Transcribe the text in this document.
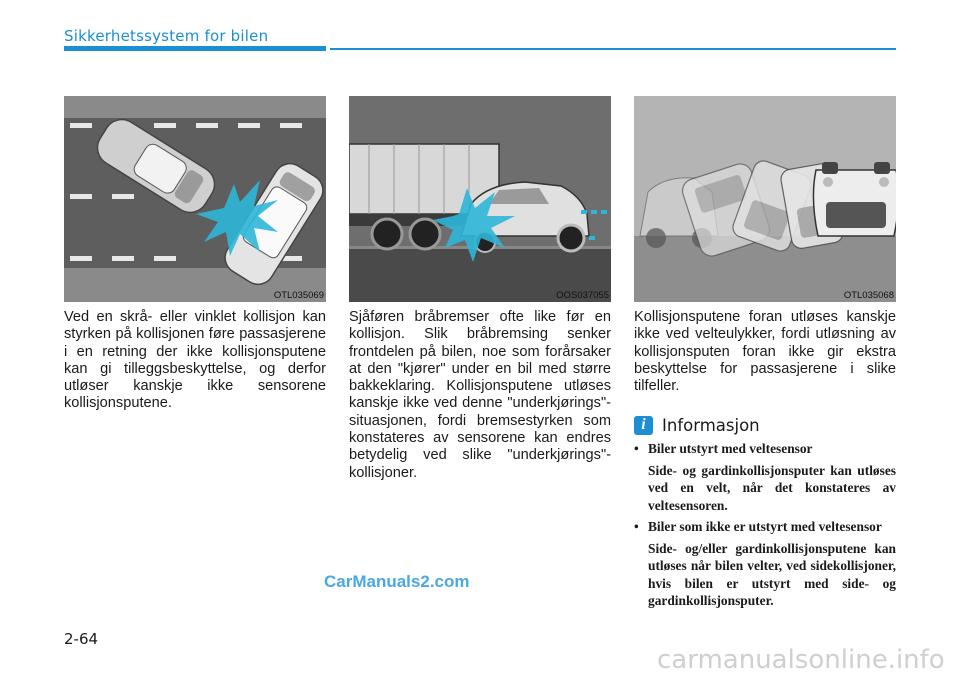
Sikkerhetssystem for bilen
OTL035069	OOS037055	OTL035068

Ved en skrå- eller vinklet kollisjon kan styrken på kollisjonen føre passasjerene i en retning der ikke kollisjonsputene kan gi tilleggsbeskyttelse, og derfor utløser kanskje ikke sensorene kollisjonsputene.

Sjåføren bråbremser ofte like før en kollisjon. Slik bråbremsing senker frontdelen på bilen, noe som forårsaker at den "kjører" under en bil med større bakkeklaring. Kollisjonsputene utløses kanskje ikke ved denne "underkjørings"-situasjonen, fordi bremsestyrken som konstateres av sensorene kan endres betydelig ved slike "underkjørings"- kollisjoner.

Kollisjonsputene foran utløses kanskje ikke ved velteulykker, fordi utløsning av kollisjonsputen foran ikke gir ekstra beskyttelse for passasjerene i slike tilfeller.

i Informasjon
• Biler utstyrt med veltesensor
Side- og gardinkollisjonsputer kan utløses ved en velt, når det konstateres av veltesensoren.
• Biler som ikke er utstyrt med veltesensor
Side- og/eller gardinkollisjonsputene kan utløses når bilen velter, ved sidekollisjoner, hvis bilen er utstyrt med side- og gardinkollisjonsputer.
CarManuals2.com
2-64
carmanualsonline.info
